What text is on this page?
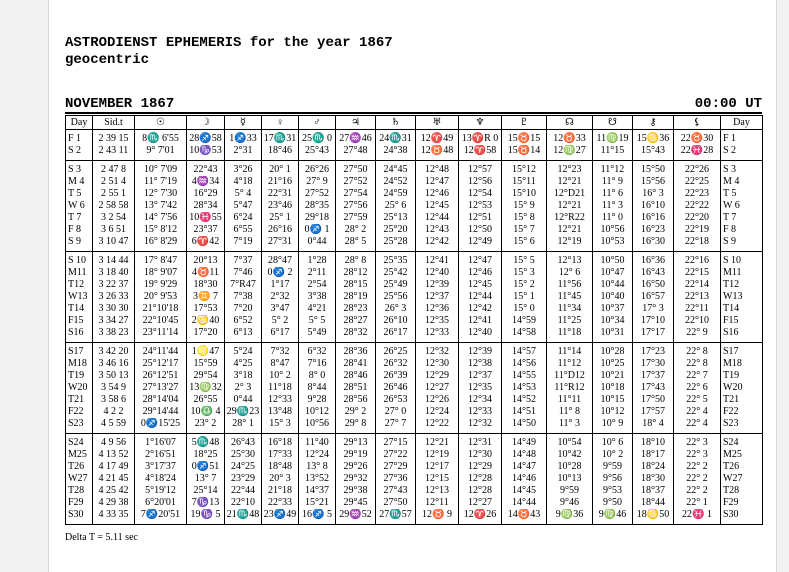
ASTRODIENST EPHEMERIS for the year 1867
geocentric
NOVEMBER 1867	00:00 UT
Day	Sid.t	☉	☽	☿	♀	♂	♃	♄	♅	♆	♇	☊	☋	⚷	⚸	Day
F 1	2 39 15	8♏ 6'55	28♐58	1♐33	17♏31	25♏ 0	27♒46	24♏31	12♈49	13♈R 0	15♉15	12♉33	11♍19	15♋36	22♉30	F 1
S 2	2 43 11	9° 7'01	10♑53	2°31	18°46	25°43	27°48	24°38	12♉48	12♈58	15♉14	12♍27	11°15	15°43	22♓28	S 2
S 3	2 47 8	10° 7'09	22°43	3°26	20° 1	26°26	27°50	24°45	12°48	12°57	15°12	12°23	11°12	15°50	22°26	S 3
M 4	2 51 4	11° 7'19	4♒34	4°18	21°16	27° 9	27°52	24°52	12°47	12°56	15°11	12°21	11° 9	15°56	22°25	M 4
T 5	2 55 1	12° 7'30	16°29	5° 4	22°31	27°52	27°54	24°59	12°46	12°54	15°10	12°D21	11° 6	16° 3	22°23	T 5
W 6	2 58 58	13° 7'42	28°34	5°47	23°46	28°35	27°56	25° 6	12°45	12°53	15° 9	12°21	11° 3	16°10	22°22	W 6
T 7	3 2 54	14° 7'56	10♓55	6°24	25° 1	29°18	27°59	25°13	12°44	12°51	15° 8	12°R22	11° 0	16°16	22°20	T 7
F 8	3 6 51	15° 8'12	23°37	6°55	26°16	0♐ 1	28° 2	25°20	12°43	12°50	15° 7	12°21	10°56	16°23	22°19	F 8
S 9	3 10 47	16° 8'29	6♈42	7°19	27°31	0°44	28° 5	25°28	12°42	12°49	15° 6	12°19	10°53	16°30	22°18	S 9
S 10	3 14 44	17° 8'47	20°13	7°37	28°47	1°28	28° 8	25°35	12°41	12°47	15° 5	12°13	10°50	16°36	22°16	S 10
M11	3 18 40	18° 9'07	4♉11	7°46	0♐ 2	2°11	28°12	25°42	12°40	12°46	15° 3	12° 6	10°47	16°43	22°15	M11
T12	3 22 37	19° 9'29	18°30	7°R47	1°17	2°54	28°15	25°49	12°39	12°45	15° 2	11°56	10°44	16°50	22°14	T12
W13	3 26 33	20° 9'53	3♊ 7	7°38	2°32	3°38	28°19	25°56	12°37	12°44	15° 1	11°45	10°40	16°57	22°13	W13
T14	3 30 30	21°10'18	17°53	7°20	3°47	4°21	28°23	26° 3	12°36	12°42	15° 0	11°34	10°37	17° 3	22°11	T14
F15	3 34 27	22°10'45	2♋40	6°52	5° 2	5° 5	28°27	26°10	12°35	12°41	14°59	11°25	10°34	17°10	22°10	F15
S16	3 38 23	23°11'14	17°20	6°13	6°17	5°49	28°32	26°17	12°33	12°40	14°58	11°18	10°31	17°17	22° 9	S16
S17	3 42 20	24°11'44	1♌47	5°24	7°32	6°32	28°36	26°25	12°32	12°39	14°57	11°14	10°28	17°23	22° 8	S17
M18	3 46 16	25°12'17	15°59	4°25	8°47	7°16	28°41	26°32	12°30	12°38	14°56	11°12	10°25	17°30	22° 8	M18
T19	3 50 13	26°12'51	29°54	3°18	10° 2	8° 0	28°46	26°39	12°29	12°37	14°55	11°D12	10°21	17°37	22° 7	T19
W20	3 54 9	27°13'27	13♍32	2° 3	11°18	8°44	28°51	26°46	12°27	12°35	14°53	11°R12	10°18	17°43	22° 6	W20
T21	3 58 6	28°14'04	26°55	0°44	12°33	9°28	28°56	26°53	12°26	12°34	14°52	11°11	10°15	17°50	22° 5	T21
F22	4 2 2	29°14'44	10♎ 4	29♏23	13°48	10°12	29° 2	27° 0	12°24	12°33	14°51	11° 8	10°12	17°57	22° 4	F22
S23	4 5 59	0♐15'25	23° 2	28° 1	15° 3	10°56	29° 8	27° 7	12°22	12°32	14°50	11° 3	10° 9	18° 4	22° 4	S23
S24	4 9 56	1°16'07	5♏48	26°43	16°18	11°40	29°13	27°15	12°21	12°31	14°49	10°54	10° 6	18°10	22° 3	S24
M25	4 13 52	2°16'51	18°25	25°30	17°33	12°24	29°19	27°22	12°19	12°30	14°48	10°42	10° 2	18°17	22° 3	M25
T26	4 17 49	3°17'37	0♐51	24°25	18°48	13° 8	29°26	27°29	12°17	12°29	14°47	10°28	9°59	18°24	22° 2	T26
W27	4 21 45	4°18'24	13° 7	23°29	20° 3	13°52	29°32	27°36	12°15	12°28	14°46	10°13	9°56	18°30	22° 2	W27
T28	4 25 42	5°19'12	25°14	22°44	21°18	14°37	29°38	27°43	12°13	12°28	14°45	9°59	9°53	18°37	22° 2	T28
F29	4 29 38	6°20'01	7♑13	22°10	22°33	15°21	29°45	27°50	12°11	12°27	14°44	9°46	9°50	18°44	22° 1	F29
S30	4 33 35	7♐20'51	19♑ 5	21♏48	23♐49	16♐ 5	29♒52	27♏57	12♉ 9	12♈26	14♉43	9♍36	9♍46	18♋50	22♓ 1	S30
Delta T = 5.11 sec
